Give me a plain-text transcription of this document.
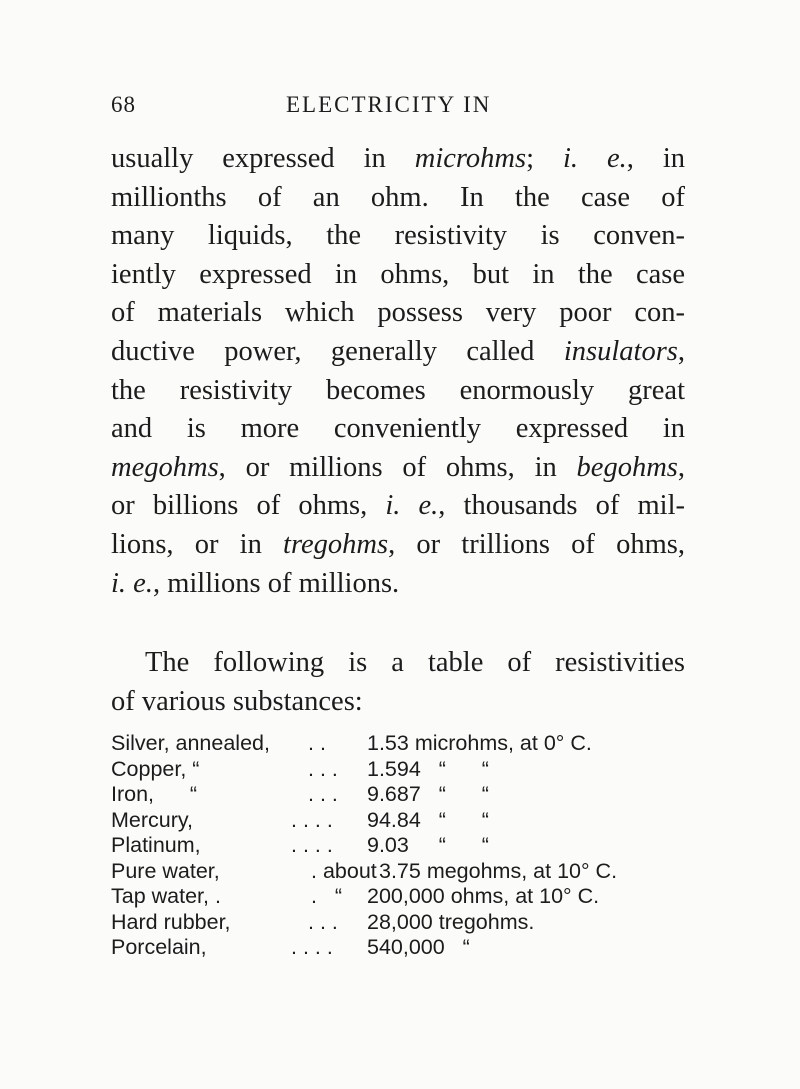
68	ELECTRICITY IN
usually expressed in microhms; i. e., in
millionths of an ohm. In the case of
many liquids, the resistivity is conven-
iently expressed in ohms, but in the case
of materials which possess very poor con-
ductive power, generally called insulators,
the resistivity becomes enormously great
and is more conveniently expressed in
megohms, or millions of ohms, in begohms,
or billions of ohms, i. e., thousands of mil-
lions, or in tregohms, or trillions of ohms,
i. e., millions of millions.
The following is a table of resistivities
of various substances:
Silver, annealed, . . 1.53 microhms, at 0° C.
Copper, “	. . . 1.594   “      “
Iron,      “	. . . 9.687   “      “
Mercury,	. . . . 94.84   “      “
Platinum,	. . . . 9.03     “      “
Pure water,	. about 3.75 megohms, at 10° C.
Tap water, .	.   “ 200,000 ohms, at 10° C.
Hard rubber,	. . . 28,000 tregohms.
Porcelain,	. . . . 540,000   “
